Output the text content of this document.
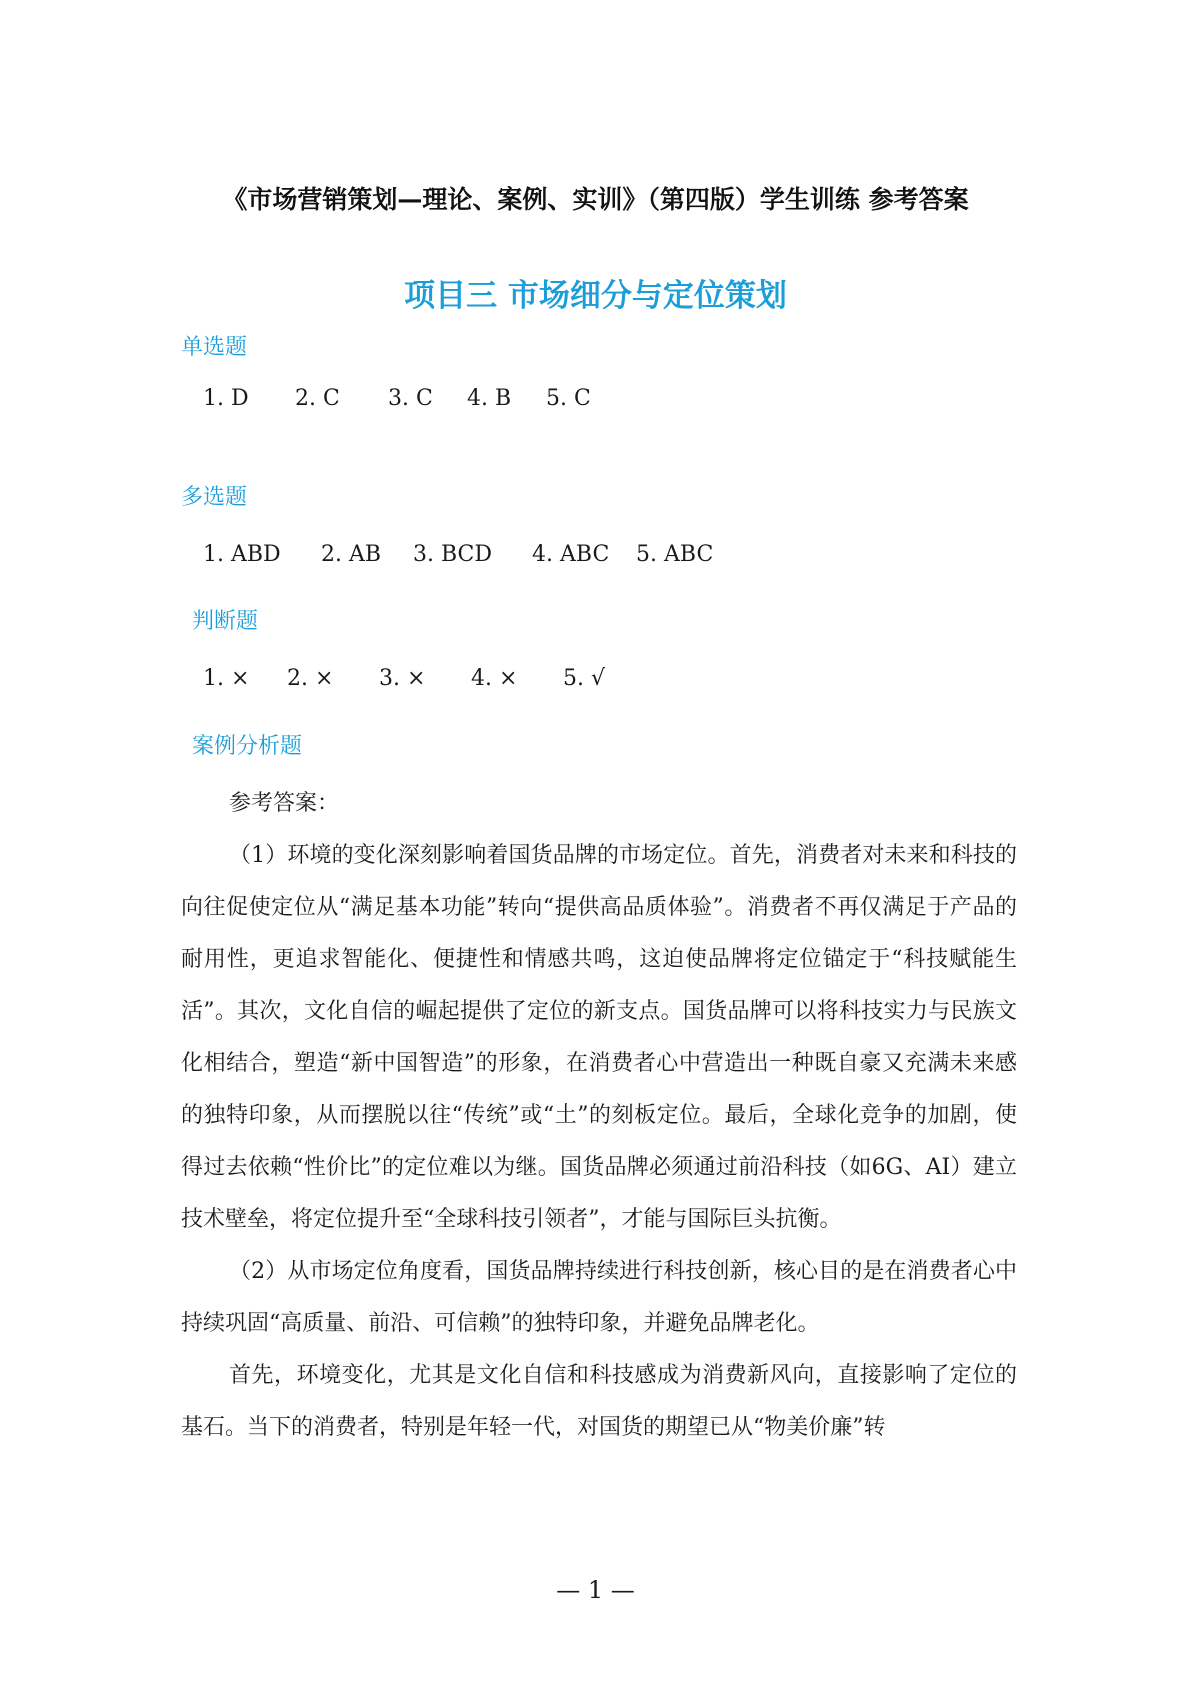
《市场营销策划—理论、案例、实训》（第四版）学生训练 参考答案
项目三 市场细分与定位策划
单选题
1. D 2. C 3. C 4. B 5. C
多选题
1. ABD 2. AB 3. BCD 4. ABC 5. ABC
判断题
1. × 2. × 3. × 4. × 5. √
案例分析题

参考答案：

（1）环境的变化深刻影响着国货品牌的市场定位。首先，消费者对未来和科技的向往促使定位从“满足基本功能”转向“提供高品质体验”。消费者不再仅满足于产品的耐用性，更追求智能化、便捷性和情感共鸣，这迫使品牌将定位锚定于“科技赋能生活”。其次，文化自信的崛起提供了定位的新支点。国货品牌可以将科技实力与民族文化相结合，塑造“新中国智造”的形象，在消费者心中营造出一种既自豪又充满未来感的独特印象，从而摆脱以往“传统”或“土”的刻板定位。最后，全球化竞争的加剧，使得过去依赖“性价比”的定位难以为继。国货品牌必须通过前沿科技（如6G、AI）建立技术壁垒，将定位提升至“全球科技引领者”，才能与国际巨头抗衡。

（2）从市场定位角度看，国货品牌持续进行科技创新，核心目的是在消费者心中持续巩固“高质量、前沿、可信赖”的独特印象，并避免品牌老化。

首先，环境变化，尤其是文化自信和科技感成为消费新风向，直接影响了定位的基石。当下的消费者，特别是年轻一代，对国货的期望已从“物美价廉”转

— 1 —
